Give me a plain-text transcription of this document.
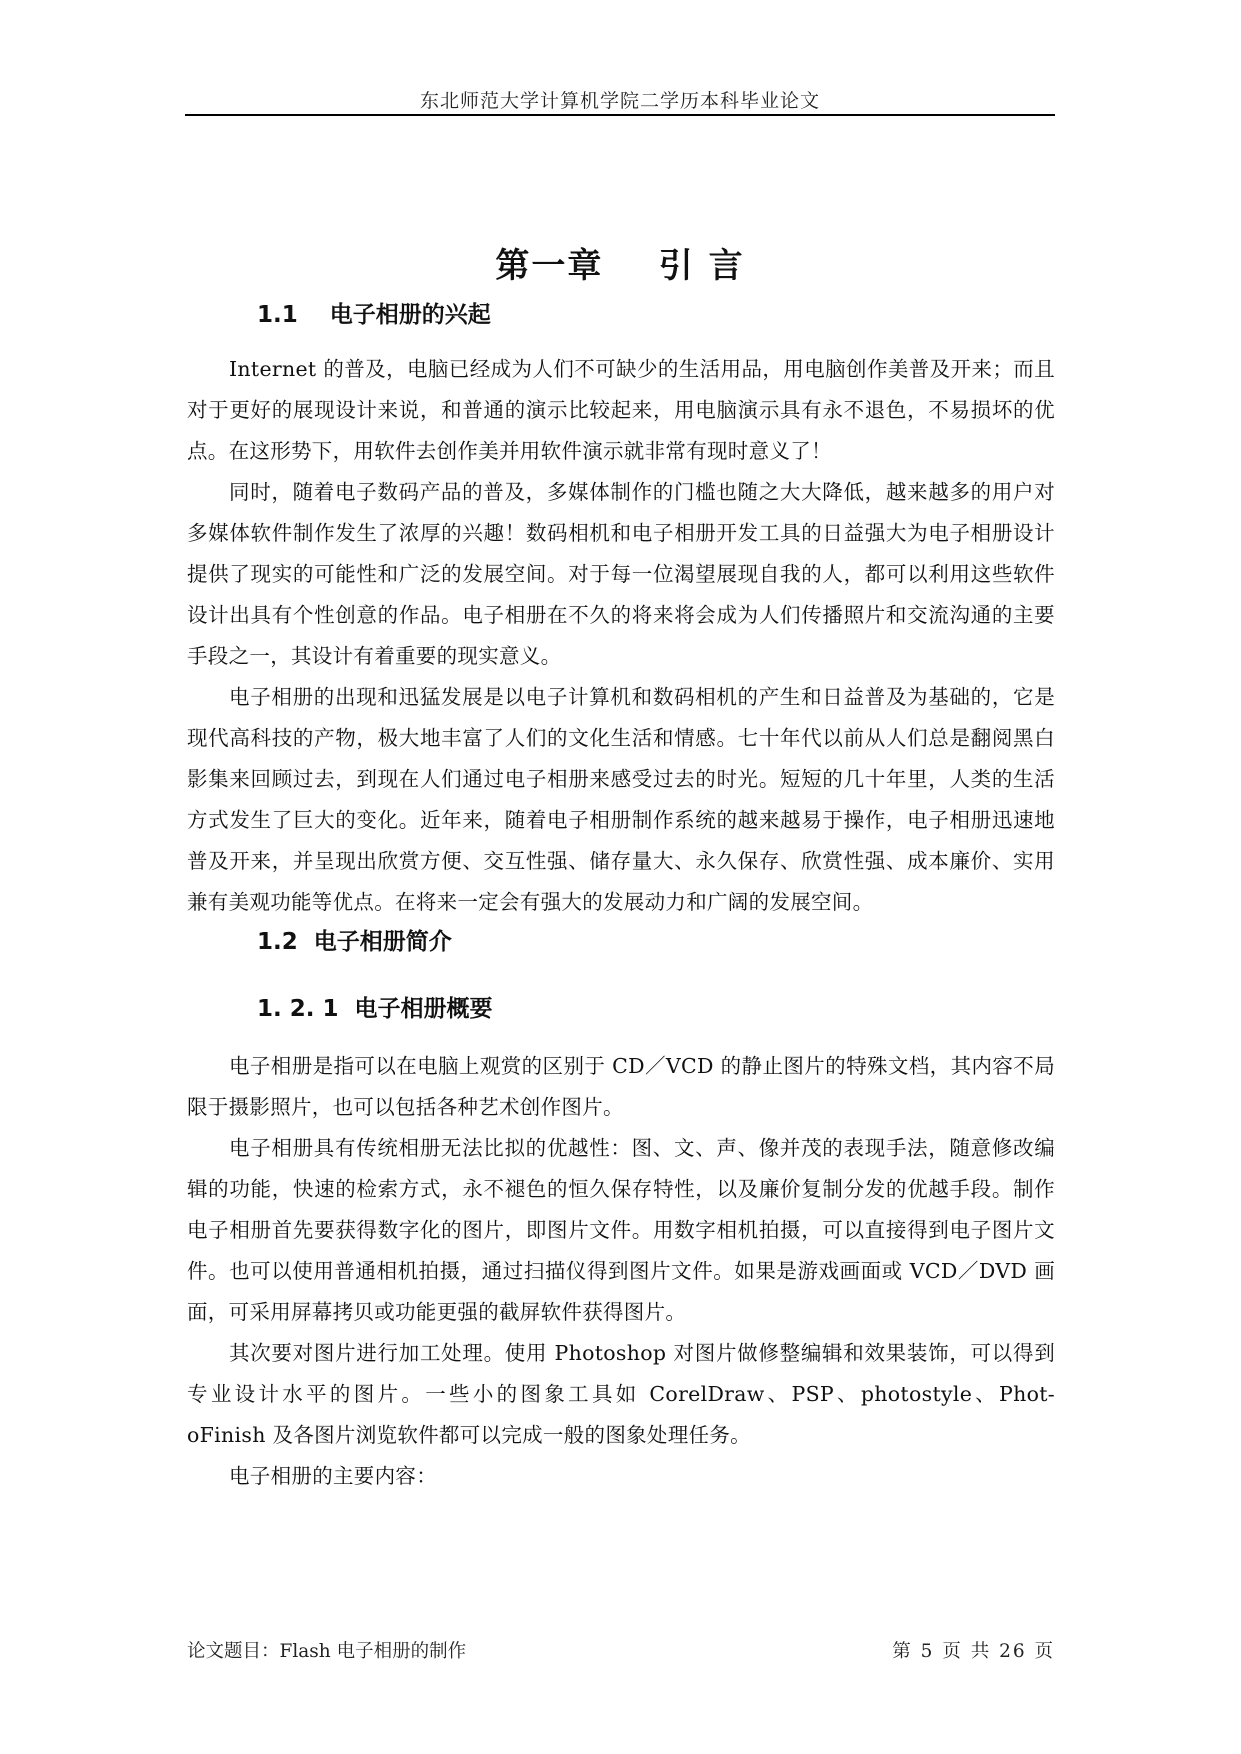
东北师范大学计算机学院二学历本科毕业论文
第一章    引 言
1.1    电子相册的兴起

Internet 的普及，电脑已经成为人们不可缺少的生活用品，用电脑创作美普及开来；而且对于更好的展现设计来说，和普通的演示比较起来，用电脑演示具有永不退色，不易损坏的优点。在这形势下，用软件去创作美并用软件演示就非常有现时意义了！

同时，随着电子数码产品的普及，多媒体制作的门槛也随之大大降低，越来越多的用户对多媒体软件制作发生了浓厚的兴趣！数码相机和电子相册开发工具的日益强大为电子相册设计提供了现实的可能性和广泛的发展空间。对于每一位渴望展现自我的人，都可以利用这些软件设计出具有个性创意的作品。电子相册在不久的将来将会成为人们传播照片和交流沟通的主要手段之一，其设计有着重要的现实意义。

电子相册的出现和迅猛发展是以电子计算机和数码相机的产生和日益普及为基础的，它是现代高科技的产物，极大地丰富了人们的文化生活和情感。七十年代以前从人们总是翻阅黑白影集来回顾过去，到现在人们通过电子相册来感受过去的时光。短短的几十年里，人类的生活方式发生了巨大的变化。近年来，随着电子相册制作系统的越来越易于操作，电子相册迅速地普及开来，并呈现出欣赏方便、交互性强、储存量大、永久保存、欣赏性强、成本廉价、实用兼有美观功能等优点。在将来一定会有强大的发展动力和广阔的发展空间。

1.2  电子相册简介
1. 2. 1  电子相册概要

电子相册是指可以在电脑上观赏的区别于 CD／VCD 的静止图片的特殊文档，其内容不局限于摄影照片，也可以包括各种艺术创作图片。

电子相册具有传统相册无法比拟的优越性：图、文、声、像并茂的表现手法，随意修改编辑的功能，快速的检索方式，永不褪色的恒久保存特性，以及廉价复制分发的优越手段。制作电子相册首先要获得数字化的图片，即图片文件。用数字相机拍摄，可以直接得到电子图片文件。也可以使用普通相机拍摄，通过扫描仪得到图片文件。如果是游戏画面或 VCD／DVD 画面，可采用屏幕拷贝或功能更强的截屏软件获得图片。

其次要对图片进行加工处理。使用 Photoshop 对图片做修整编辑和效果装饰，可以得到专业设计水平的图片。一些小的图象工具如 CorelDraw、PSP、photostyle、Phot-oFinish 及各图片浏览软件都可以完成一般的图象处理任务。

电子相册的主要内容：

论文题目：Flash 电子相册的制作	第 5 页 共 26 页
